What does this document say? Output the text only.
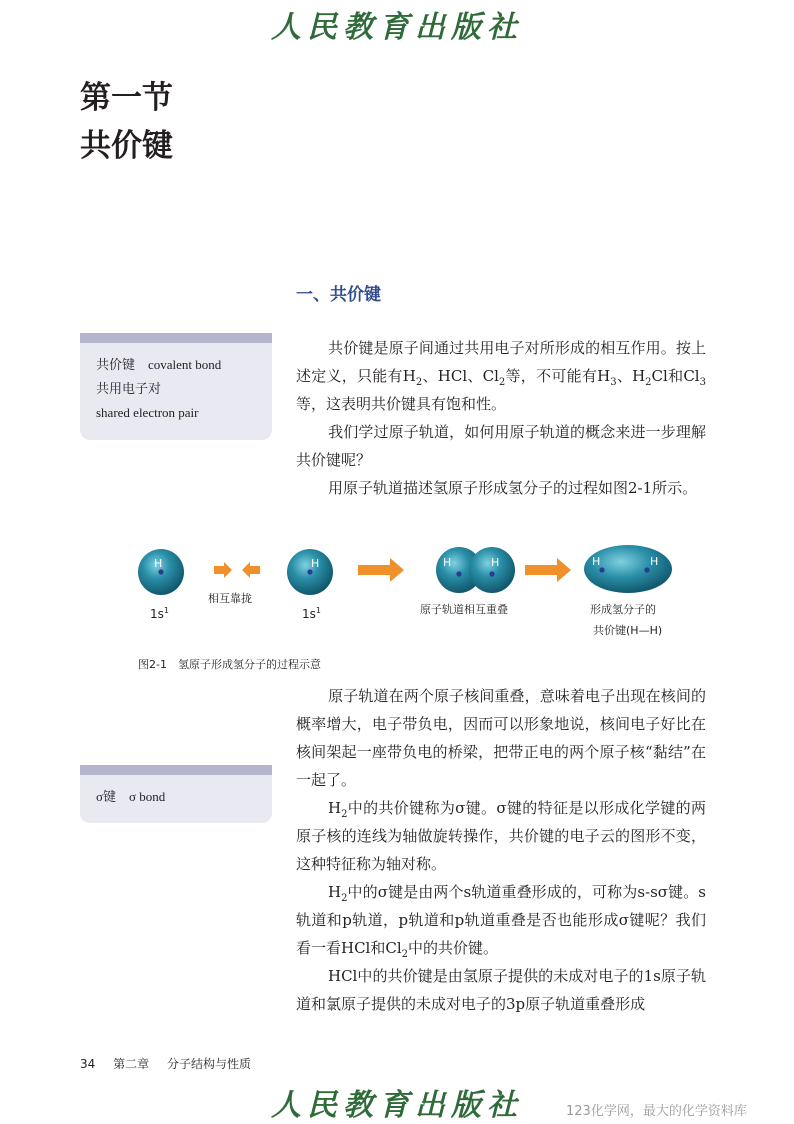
人民教育出版社
第一节
共价键
一、共价键
共价键　covalent bond
共用电子对
shared electron pair

共价键是原子间通过共用电子对所形成的相互作用。按上述定义，只能有$H_2$、HCl、$Cl_2$等，不可能有$H_3$、$H_2Cl$和$Cl_3$等，这表明共价键具有饱和性。

我们学过原子轨道，如何用原子轨道的概念来进一步理解共价键呢？

用原子轨道描述氢原子形成氢分子的过程如图2-1所示。

H
$1s^1$
相互靠拢
H
$1s^1$
H	H
原子轨道相互重叠
H	H
形成氢分子的
共价键(H—H)
图2-1　氢原子形成氢分子的过程示意
σ键　σ bond

原子轨道在两个原子核间重叠，意味着电子出现在核间的概率增大，电子带负电，因而可以形象地说，核间电子好比在核间架起一座带负电的桥梁，把带正电的两个原子核“黏结”在一起了。

$H_2$中的共价键称为σ键。σ键的特征是以形成化学键的两原子核的连线为轴做旋转操作，共价键的电子云的图形不变，这种特征称为轴对称。

$H_2$中的σ键是由两个s轨道重叠形成的，可称为s-sσ键。s轨道和p轨道，p轨道和p轨道重叠是否也能形成σ键呢？我们看一看HCl和$Cl_2$中的共价键。

HCl中的共价键是由氢原子提供的未成对电子的1s原子轨道和氯原子提供的未成对电子的3p原子轨道重叠形成

34 第二章 分子结构与性质
人民教育出版社	123化学网，最大的化学资料库
